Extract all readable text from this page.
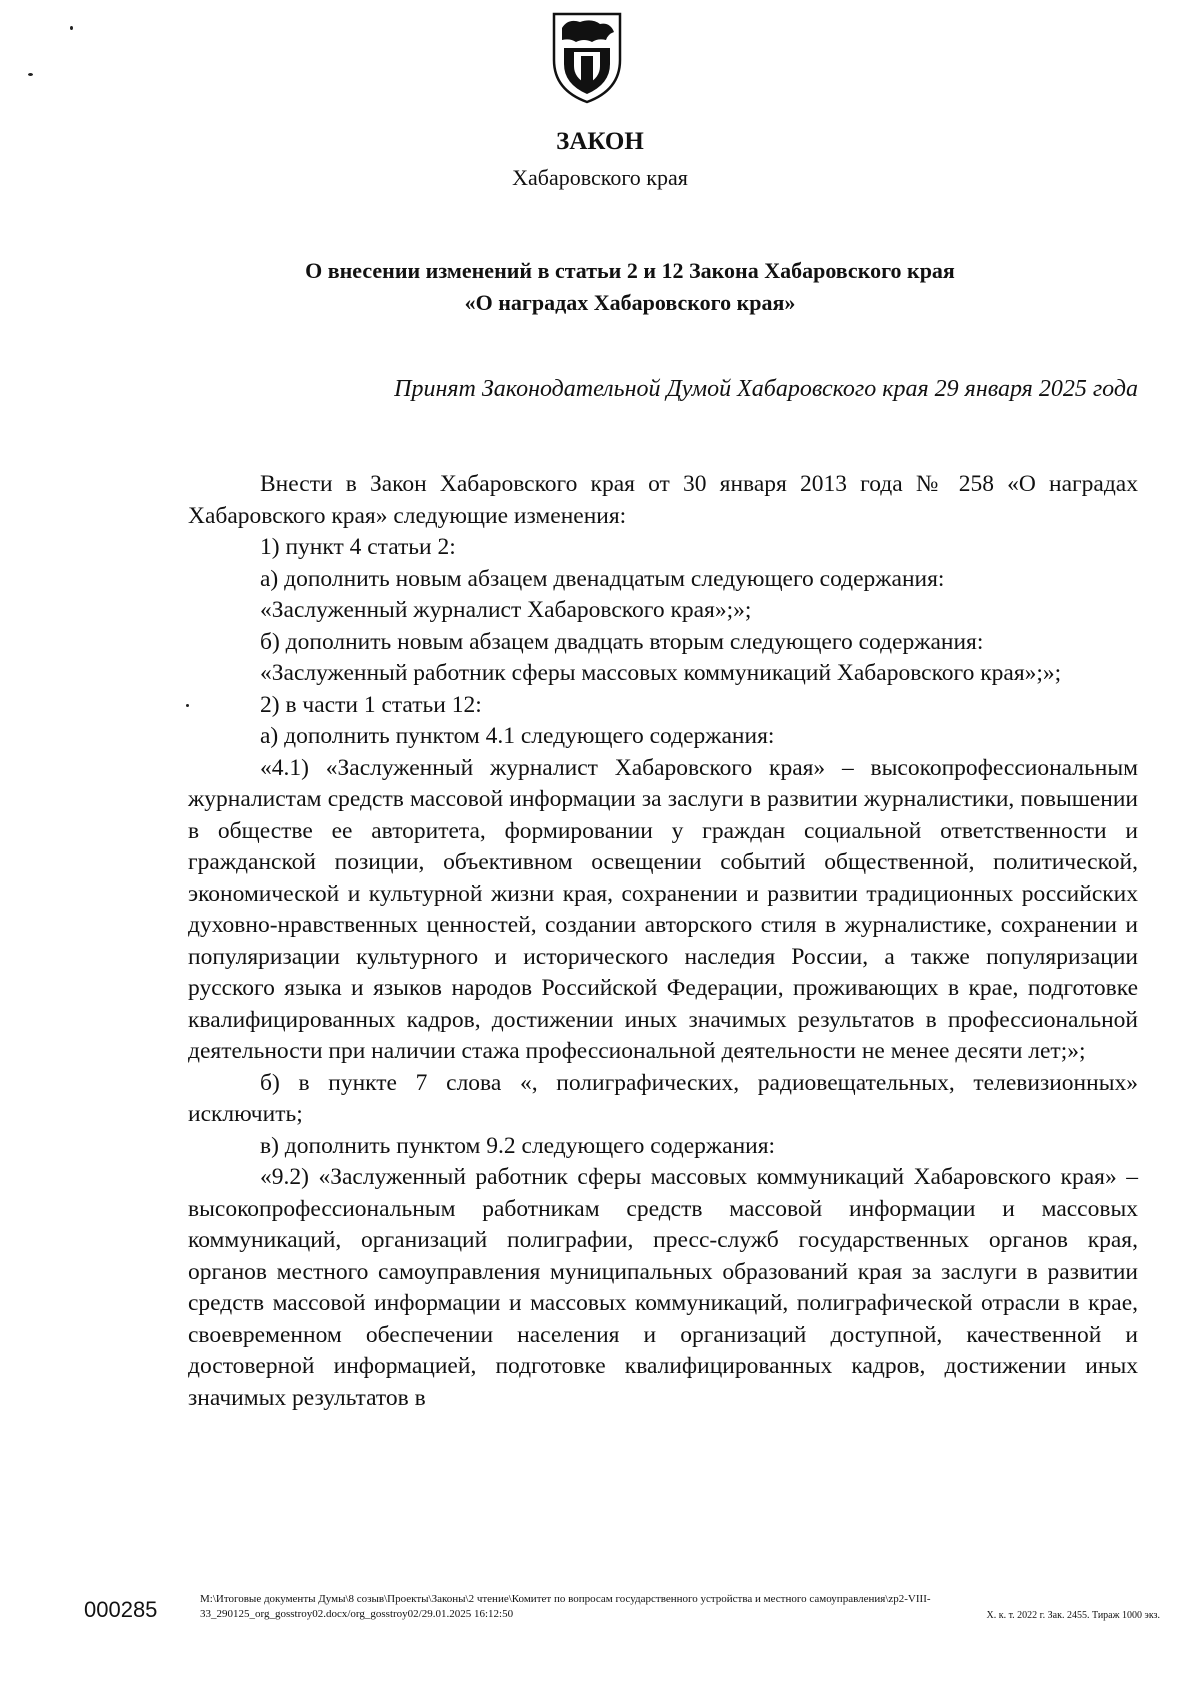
ЗАКОН
Хабаровского края
О внесении изменений в статьи 2 и 12 Закона Хабаровского края
«О наградах Хабаровского края»
Принят Законодательной Думой Хабаровского края 29 января 2025 года

Внести в Закон Хабаровского края от 30 января 2013 года № 258 «О наградах Хабаровского края» следующие изменения:

1) пункт 4 статьи 2:

а) дополнить новым абзацем двенадцатым следующего содержания:

«Заслуженный журналист Хабаровского края»;»;

б) дополнить новым абзацем двадцать вторым следующего содержания:

«Заслуженный работник сферы массовых коммуникаций Хабаровского края»;»;

2) в части 1 статьи 12:

а) дополнить пунктом 4.1 следующего содержания:

«4.1) «Заслуженный журналист Хабаровского края» – высокопрофессиональным журналистам средств массовой информации за заслуги в развитии журналистики, повышении в обществе ее авторитета, формировании у граждан социальной ответственности и гражданской позиции, объективном освещении событий общественной, политической, экономической и культурной жизни края, сохранении и развитии традиционных российских духовно-нравственных ценностей, создании авторского стиля в журналистике, сохранении и популяризации культурного и исторического наследия России, а также популяризации русского языка и языков народов Российской Федерации, проживающих в крае, подготовке квалифицированных кадров, достижении иных значимых результатов в профессиональной деятельности при наличии стажа профессиональной деятельности не менее десяти лет;»;

б) в пункте 7 слова «, полиграфических, радиовещательных, телевизионных» исключить;

в) дополнить пунктом 9.2 следующего содержания:

«9.2) «Заслуженный работник сферы массовых коммуникаций Хабаровского края» – высокопрофессиональным работникам средств массовой информации и массовых коммуникаций, организаций полиграфии, пресс-служб государственных органов края, органов местного самоуправления муниципальных образований края за заслуги в развитии средств массовой информации и массовых коммуникаций, полиграфической отрасли в крае, своевременном обеспечении населения и организаций доступной, качественной и достоверной информацией, подготовке квалифицированных кадров, достижении иных значимых результатов в

000285	M:\Итоговые документы Думы\8 созыв\Проекты\Законы\2 чтение\Комитет по вопросам государственного устройства и местного самоуправления\zp2-VIII-33_290125_org_gosstroy02.docx/org_gosstroy02/29.01.2025 16:12:50	Х. к. т. 2022 г. Зак. 2455. Тираж 1000 экз.
